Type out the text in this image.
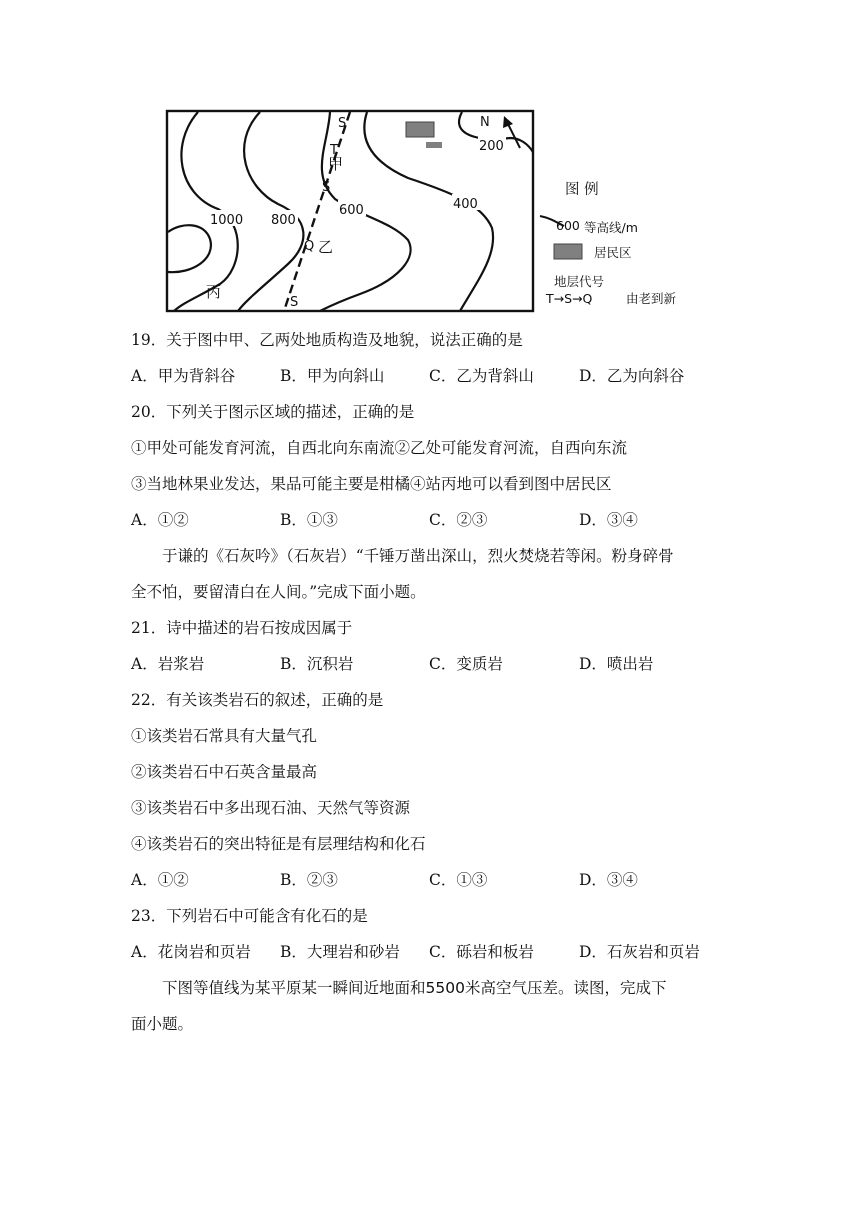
N
1000 800
600	400
200
S
T
S
Q
S
甲
乙
丙
图 例
600 等高线/m
居民区
地层代号
T→S→Q	由老到新
19．关于图中甲、乙两处地质构造及地貌，说法正确的是
A．甲为背斜谷	B．甲为向斜山	C．乙为背斜山	D．乙为向斜谷
20．下列关于图示区域的描述，正确的是
①甲处可能发育河流，自西北向东南流②乙处可能发育河流，自西向东流
③当地林果业发达，果品可能主要是柑橘④站丙地可以看到图中居民区
A．①②	B．①③	C．②③	D．③④
于谦的《石灰吟》（石灰岩）“千锤万凿出深山，烈火焚烧若等闲。粉身碎骨
全不怕，要留清白在人间。”完成下面小题。
21．诗中描述的岩石按成因属于
A．岩浆岩	B．沉积岩	C．变质岩	D．喷出岩
22．有关该类岩石的叙述，正确的是
①该类岩石常具有大量气孔
②该类岩石中石英含量最高
③该类岩石中多出现石油、天然气等资源
④该类岩石的突出特征是有层理结构和化石
A．①②	B．②③	C．①③	D．③④
23．下列岩石中可能含有化石的是
A．花岗岩和页岩 B．大理岩和砂岩 C．砾岩和板岩	D．石灰岩和页岩
下图等值线为某平原某一瞬间近地面和5500米高空气压差。读图，完成下
面小题。
